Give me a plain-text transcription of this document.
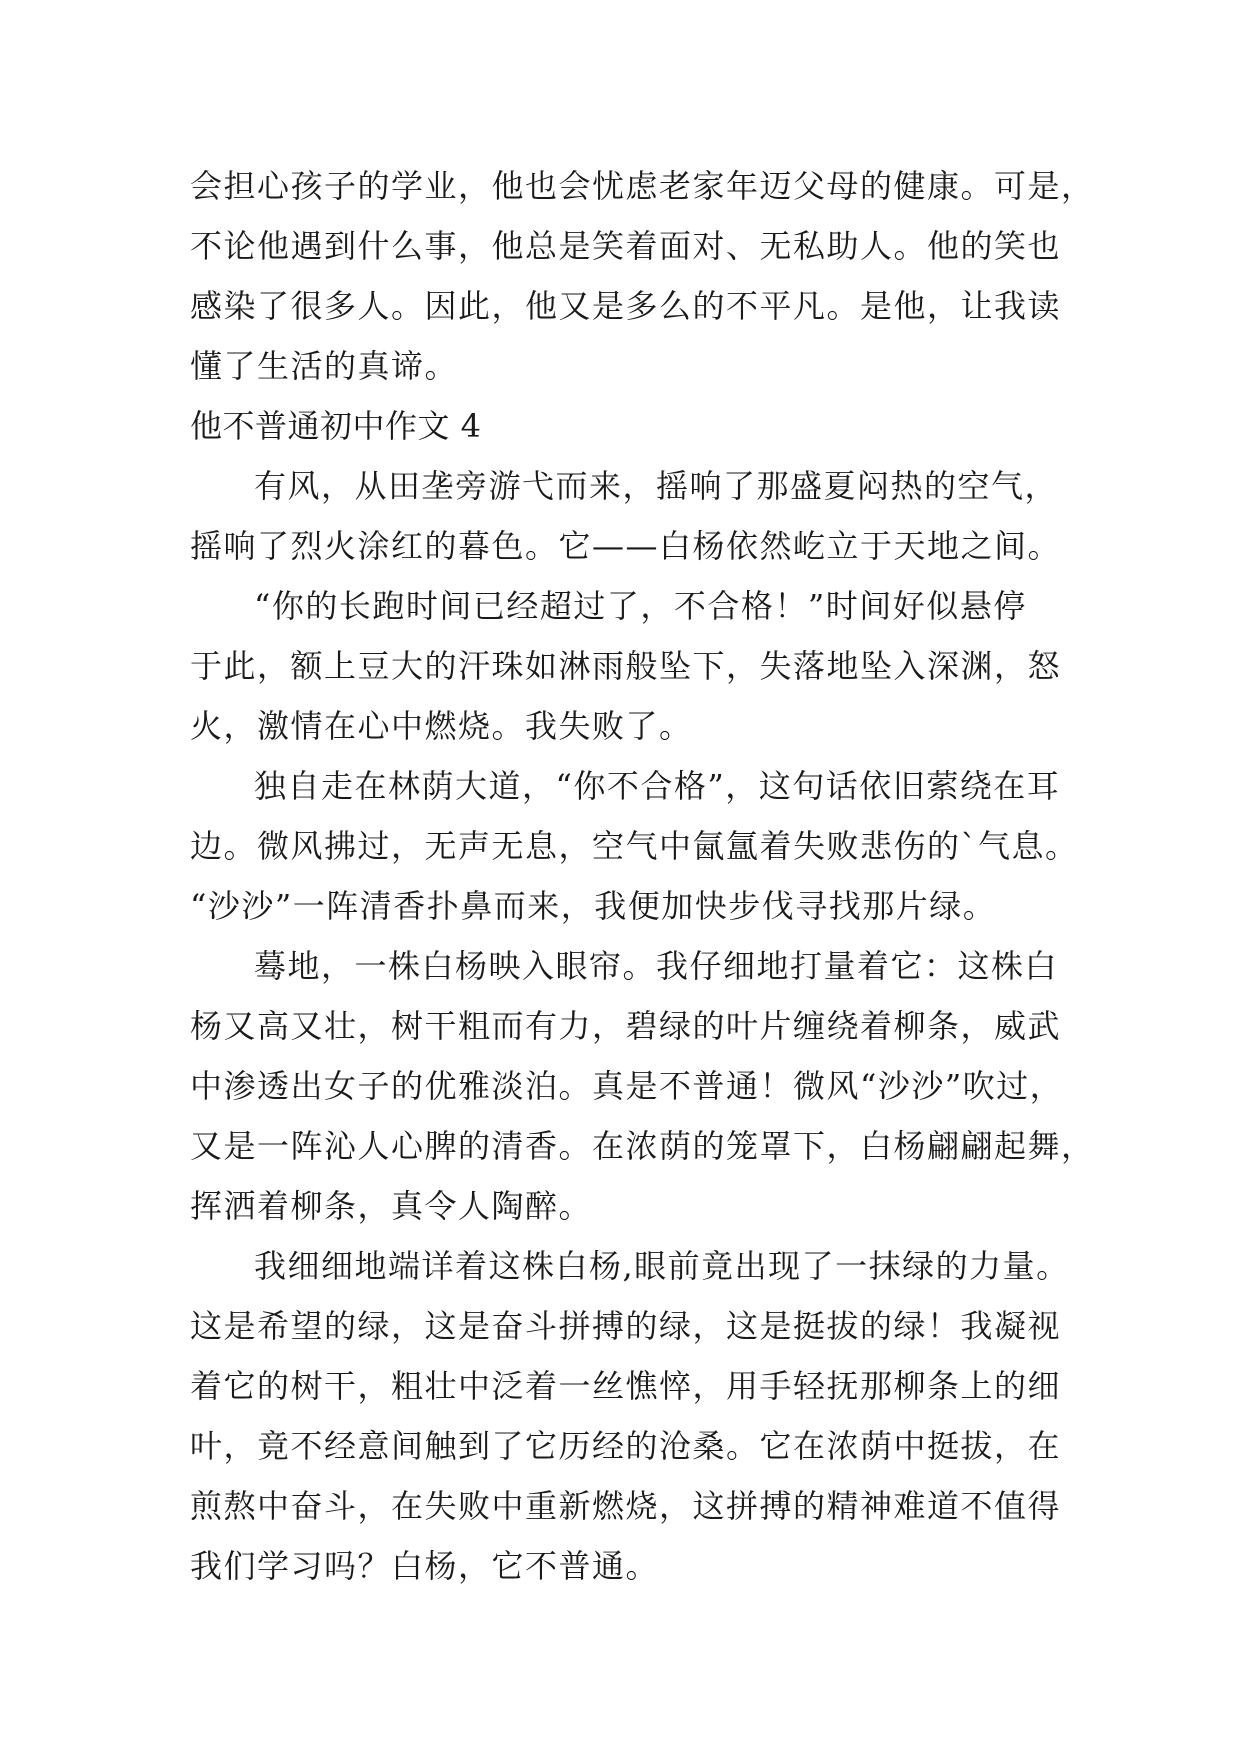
会担心孩子的学业，他也会忧虑老家年迈父母的健康。可是，
不论他遇到什么事，他总是笑着面对、无私助人。他的笑也
感染了很多人。因此，他又是多么的不平凡。是他，让我读
懂了生活的真谛。
他不普通初中作文 4
有风，从田垄旁游弋而来，摇响了那盛夏闷热的空气，
摇响了烈火涂红的暮色。它——白杨依然屹立于天地之间。
“你的长跑时间已经超过了，不合格！”时间好似悬停
于此，额上豆大的汗珠如淋雨般坠下，失落地坠入深渊，怒
火，激情在心中燃烧。我失败了。
独自走在林荫大道，“你不合格”，这句话依旧萦绕在耳
边。微风拂过，无声无息，空气中氤氲着失败悲伤的`气息。
“沙沙”一阵清香扑鼻而来，我便加快步伐寻找那片绿。
蓦地，一株白杨映入眼帘。我仔细地打量着它：这株白
杨又高又壮，树干粗而有力，碧绿的叶片缠绕着柳条，威武
中渗透出女子的优雅淡泊。真是不普通！微风“沙沙”吹过，
又是一阵沁人心脾的清香。在浓荫的笼罩下，白杨翩翩起舞，
挥洒着柳条，真令人陶醉。
我细细地端详着这株白杨,眼前竟出现了一抹绿的力量。
这是希望的绿，这是奋斗拼搏的绿，这是挺拔的绿！我凝视
着它的树干，粗壮中泛着一丝憔悴，用手轻抚那柳条上的细
叶，竟不经意间触到了它历经的沧桑。它在浓荫中挺拔，在
煎熬中奋斗，在失败中重新燃烧，这拼搏的精神难道不值得
我们学习吗？白杨，它不普通。
